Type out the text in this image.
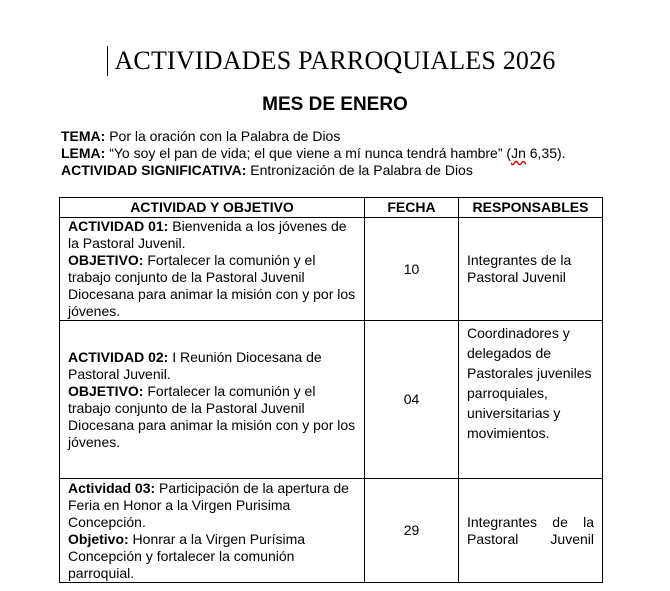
ACTIVIDADES PARROQUIALES 2026
MES DE ENERO
TEMA: Por la oración con la Palabra de Dios
LEMA: “Yo soy el pan de vida; el que viene a mí nunca tendrá hambre” (Jn 6,35).
ACTIVIDAD SIGNIFICATIVA: Entronización de la Palabra de Dios
ACTIVIDAD Y OBJETIVO	FECHA	RESPONSABLES
ACTIVIDAD 01: Bienvenida a los jóvenes de la Pastoral Juvenil.
OBJETIVO: Fortalecer la comunión y el trabajo conjunto de la Pastoral Juvenil Diocesana para animar la misión con y por los jóvenes.	10	Integrantes de la Pastoral Juvenil
ACTIVIDAD 02: I Reunión Diocesana de Pastoral Juvenil.
OBJETIVO: Fortalecer la comunión y el trabajo conjunto de la Pastoral Juvenil Diocesana para animar la misión con y por los jóvenes.	04	Coordinadores y delegados de Pastorales juveniles parroquiales, universitarias y movimientos.
Actividad 03: Participación de la apertura de Feria en Honor a la Virgen Purisima Concepción.
Objetivo: Honrar a la Virgen Purísima Concepción y fortalecer la comunión parroquial.	29	Integrantes de la Pastoral Juvenil
